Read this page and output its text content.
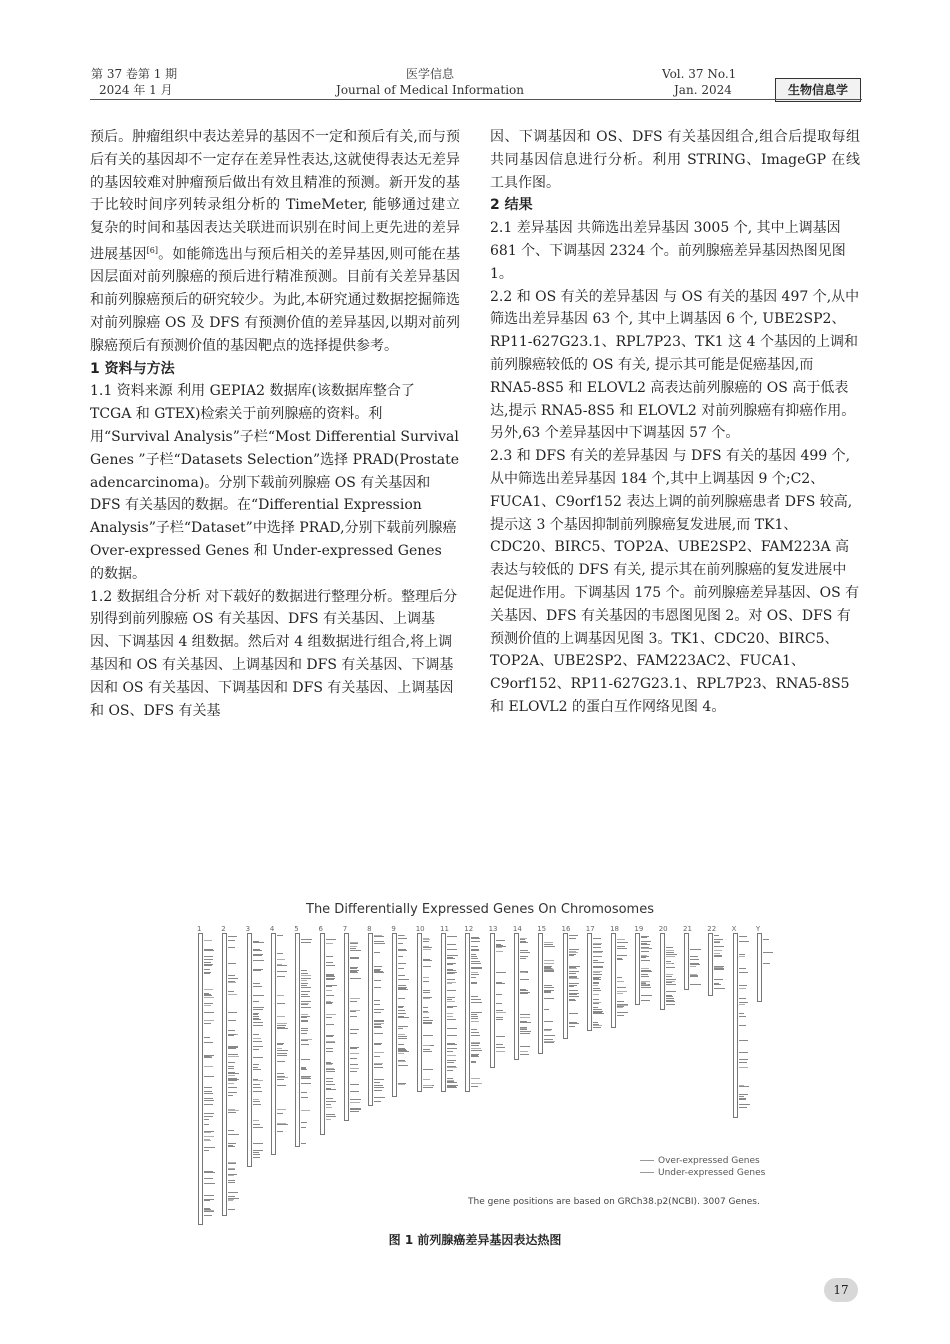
第 37 卷第 1 期
2024 年 1 月
医学信息
Journal of Medical Information
Vol. 37 No.1
Jan. 2024	生物信息学

预后。肿瘤组织中表达差异的基因不一定和预后有关,而与预后有关的基因却不一定存在差异性表达,这就使得表达无差异的基因较难对肿瘤预后做出有效且精准的预测。新开发的基于比较时间序列转录组分析的 TimeMeter, 能够通过建立复杂的时间和基因表达关联进而识别在时间上更先进的差异进展基因[6]。如能筛选出与预后相关的差异基因,则可能在基因层面对前列腺癌的预后进行精准预测。目前有关差异基因和前列腺癌预后的研究较少。为此,本研究通过数据挖掘筛选对前列腺癌 OS 及 DFS 有预测价值的差异基因,以期对前列腺癌预后有预测价值的基因靶点的选择提供参考。

1 资料与方法

1.1 资料来源 利用 GEPIA2 数据库(该数据库整合了 TCGA 和 GTEX)检索关于前列腺癌的资料。利用“Survival Analysis”子栏“Most Differential Survival Genes ”子栏“Datasets Selection”选择 PRAD(Prostate adencarcinoma)。分别下载前列腺癌 OS 有关基因和 DFS 有关基因的数据。在“Differential Expression Analysis”子栏“Dataset”中选择 PRAD,分别下载前列腺癌 Over-expressed Genes 和 Under-expressed Genes 的数据。

1.2 数据组合分析 对下载好的数据进行整理分析。整理后分别得到前列腺癌 OS 有关基因、DFS 有关基因、上调基因、下调基因 4 组数据。然后对 4 组数据进行组合,将上调基因和 OS 有关基因、上调基因和 DFS 有关基因、下调基因和 OS 有关基因、下调基因和 DFS 有关基因、上调基因和 OS、DFS 有关基

因、下调基因和 OS、DFS 有关基因组合,组合后提取每组共同基因信息进行分析。利用 STRING、ImageGP 在线工具作图。

2 结果

2.1 差异基因 共筛选出差异基因 3005 个, 其中上调基因 681 个、下调基因 2324 个。前列腺癌差异基因热图见图 1。

2.2 和 OS 有关的差异基因 与 OS 有关的基因 497 个,从中筛选出差异基因 63 个, 其中上调基因 6 个, UBE2SP2、RP11-627G23.1、RPL7P23、TK1 这 4 个基因的上调和前列腺癌较低的 OS 有关, 提示其可能是促癌基因,而 RNA5-8S5 和 ELOVL2 高表达前列腺癌的 OS 高于低表达,提示 RNA5-8S5 和 ELOVL2 对前列腺癌有抑癌作用。另外,63 个差异基因中下调基因 57 个。

2.3 和 DFS 有关的差异基因 与 DFS 有关的基因 499 个,从中筛选出差异基因 184 个,其中上调基因 9 个;C2、FUCA1、C9orf152 表达上调的前列腺癌患者 DFS 较高, 提示这 3 个基因抑制前列腺癌复发进展,而 TK1、CDC20、BIRC5、TOP2A、UBE2SP2、FAM223A 高表达与较低的 DFS 有关, 提示其在前列腺癌的复发进展中起促进作用。下调基因 175 个。前列腺癌差异基因、OS 有关基因、DFS 有关基因的韦恩图见图 2。对 OS、DFS 有预测价值的上调基因见图 3。TK1、CDC20、BIRC5、TOP2A、UBE2SP2、FAM223AC2、FUCA1、C9orf152、RP11-627G23.1、RPL7P23、RNA5-8S5 和 ELOVL2 的蛋白互作网络见图 4。

The Differentially Expressed Genes On Chromosomes
1	2	3	4	5	6	7	8	9	10 11 12 13 14 15 16 17 18 19 20 21 22 X	Y
Over-expressed Genes
Under-expressed Genes
The gene positions are based on GRCh38.p2(NCBI). 3007 Genes.
图 1 前列腺癌差异基因表达热图
17
